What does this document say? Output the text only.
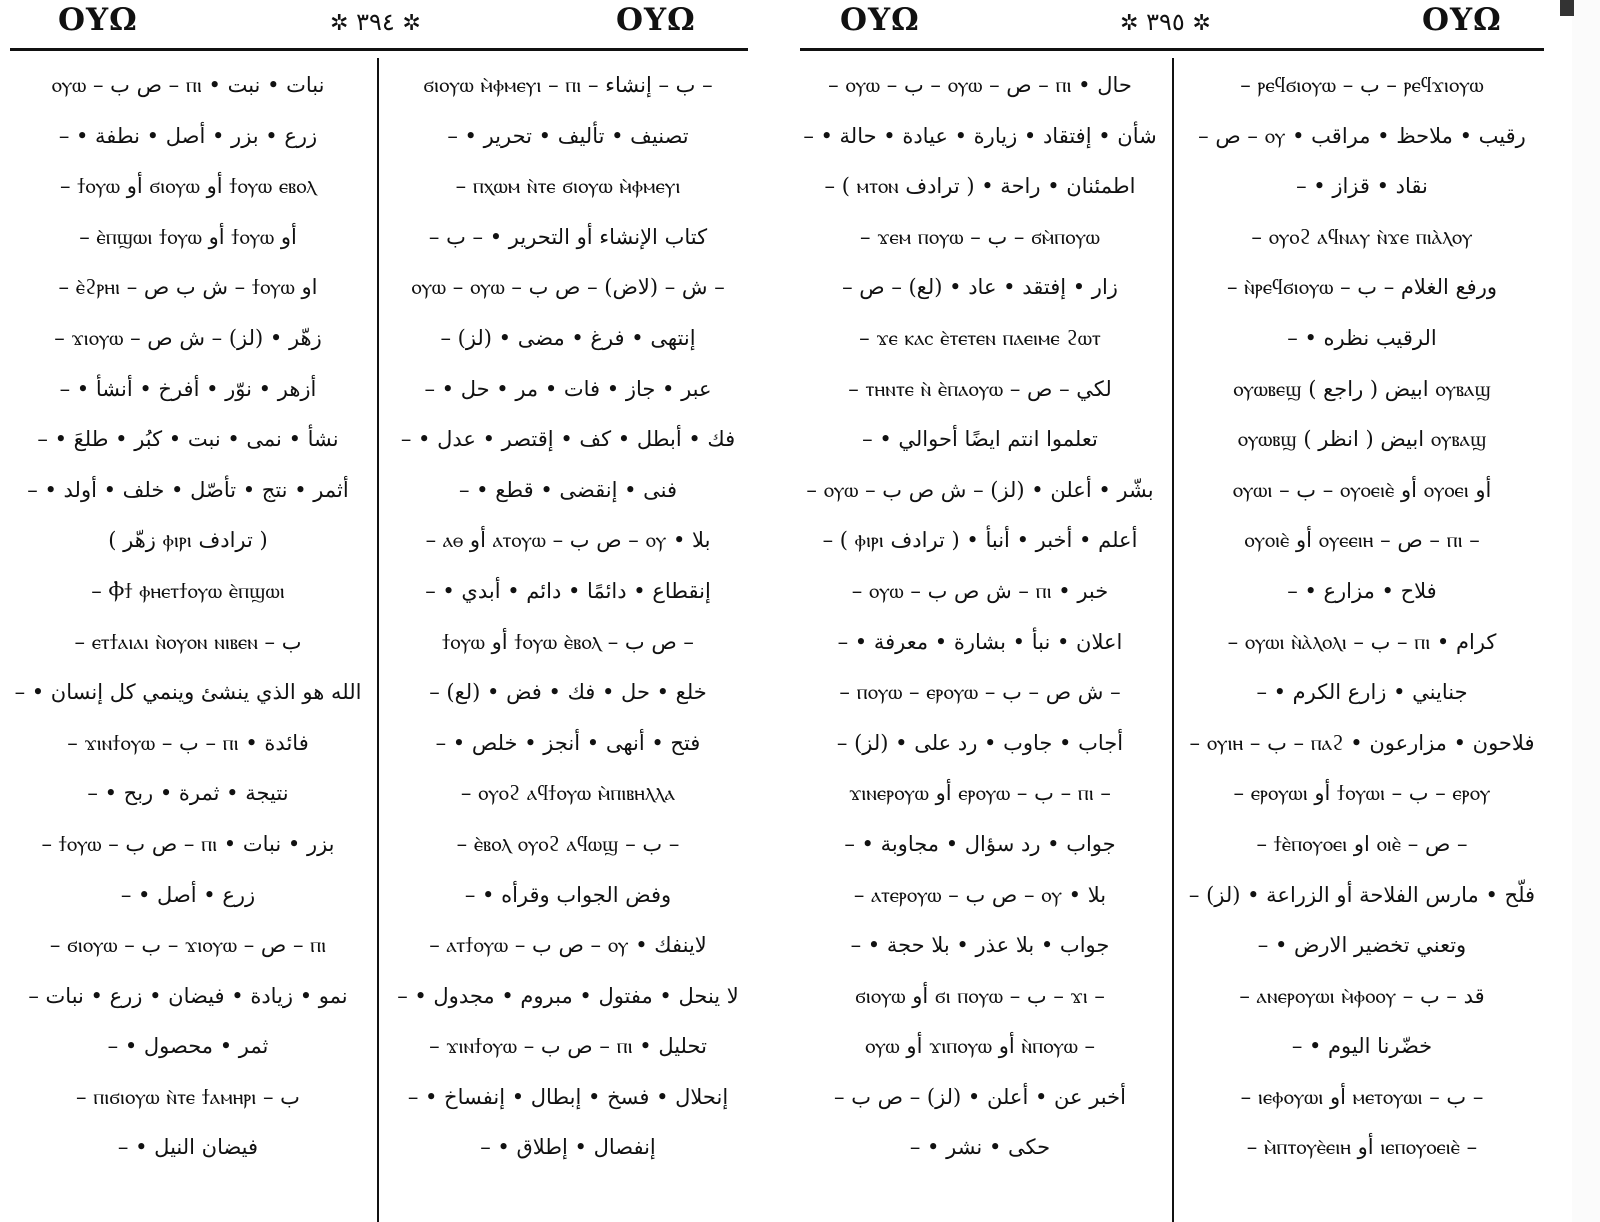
ΟΥΩ	✲ ٣٩٤ ✲	ΟΥΩ
نبات • نبت • ⲡⲓ – ص ب – ⲟⲩⲱ
زرع • بزر • أصل • نطفة • –
– ϯⲟⲩⲱ أو ϭⲓⲟⲩⲱ أو ϯⲟⲩⲱ ⲉⲃⲟⲗ
أو ϯⲟⲩⲱ أو ⲉ̀ⲡϣⲱⲓ ϯⲟⲩⲱ –
او ϯⲟⲩⲱ – ش ب ص – ⲉ̀ϩⲣⲏⲓ –
زهّر • (لز) – ش ص – ϫⲓⲟⲩⲱ –
أزهر • نوّر • أفرخ • أنشأ • –
نشأ • نمى • نبت • كبُر • طلعَ • –
أثمر • نتج • تأصّل • خلف • أولد • –
( ترادف ⲫⲓⲣⲓ زهّر )
– Ⲫϯ ⲫⲏⲉⲧϯⲟⲩⲱ ⲉ̀ⲡϣⲱⲓ
– ⲉⲧϯⲁⲓⲁⲓ ⲛ̀ⲟⲩⲟⲛ ⲛⲓⲃⲉⲛ – ب
الله هو الذي ينشئ وينمي كل إنسان • –
فائدة • ⲡⲓ – ب – ϫⲓⲛϯⲟⲩⲱ –
نتيجة • ثمرة • ربح • –
بزر • نبات • ⲡⲓ – ص ب – ϯⲟⲩⲱ –
زرع • أصل • –
– ϭⲓⲟⲩⲱ – ب – ϫⲓⲟⲩⲱ – ص – ⲡⲓ
نمو • زيادة • فيضان • زرع • نبات –
ثمر • محصول • –
– ⲡⲓϭⲓⲟⲩⲱ ⲛ̀ⲧⲉ ϯⲁⲙⲏⲣⲓ – ب
فيضان النيل • –
ϭⲓⲟⲩⲱ ⲙ̀ⲫⲙⲉⲩⲓ – ⲡⲓ – ب – إنشاء –
تصنيف • تأليف • تحرير • –
– ⲡⲭⲱⲙ ⲛ̀ⲧⲉ ϭⲓⲟⲩⲱ ⲙ̀ⲫⲙⲉⲩⲓ
كتاب الإنشاء أو التحرير • – ب –
ⲟⲩⲱ – ⲟⲩⲱ – ش – (لاض) – ص ب –
إنتهى • فرغ • مضى • (لز) –
عبر • جاز • فات • مر • حل • –
فك • أبطل • كف • إقتصر • عدل • –
فنى • إنقضى • قطع • –
بلا • ⲟⲩ – ص ب – ⲁⲧⲟⲩⲱ أو ⲁⲑ –
إنقطاع • دائمًا • دائم • أبدي • –
ϯⲟⲩⲱ أو ϯⲟⲩⲱ ⲉ̀ⲃⲟⲗ – ص ب –
خلع • حل • فك • فض • (لع) –
فتح • أنهى • أنجز • خلص • –
– ⲟⲩⲟϩ ⲁϥϯⲟⲩⲱ ⲙ̀ⲡⲓⲃⲏⲗⲗⲁ
– ⲉ̀ⲃⲟⲗ ⲟⲩⲟϩ ⲁϥⲱϣ – ب –
وفض الجواب وقرأه • –
لاينفك • ⲟⲩ – ص ب – ⲁⲧϯⲟⲩⲱ –
لا ينحل • مفتول • مبروم • مجدول • –
تحليل • ⲡⲓ – ص ب – ϫⲓⲛϯⲟⲩⲱ –
إنحلال • فسخ • إبطال • إنفساخ • –
إنفصال • إطلاق • –
ΟΥΩ	✲ ٣٩٥ ✲	ΟΥΩ
حال • ⲡⲓ – ص – ⲟⲩⲱ – ب – ⲟⲩⲱ –
شأن • إفتقاد • زيارة • عيادة • حالة • –
اطمئنان • راحة • ( ترادف ⲙⲧⲟⲛ ) –
– ϫⲉⲙ ⲡⲟⲩⲱ – ب – ϭⲙ̀ⲡⲟⲩⲱ
زار • إفتقد • عاد • (لع) – ص –
– ϫⲉ ⲕⲁⲥ ⲉ̀ⲧⲉⲧⲉⲛ ⲡⲁⲉⲓⲙⲉ ϩⲱⲧ
لكي – ص – ⲧⲏⲛⲧⲉ ⲛ̀ ⲉ̀ⲡⲁⲟⲩⲱ –
تعلموا انتم ايضًا أحوالي • –
بشّر • أعلن • (لز) – ش ص ب – ⲟⲩⲱ –
أعلم • أخبر • أنبأ • ( ترادف ⲫⲓⲣⲓ ) –
خبر • ⲡⲓ – ش ص ب – ⲟⲩⲱ –
اعلان • نبأ • بشارة • معرفة • –
– ش ص – ب – ⲡⲟⲩⲱ – ⲉⲣⲟⲩⲱ –
أجاب • جاوب • رد على • (لز) –
ϫⲓⲛⲉⲣⲟⲩⲱ أو ⲉⲣⲟⲩⲱ – ب – ⲡⲓ –
جواب • رد سؤال • مجاوبة • –
بلا • ⲟⲩ – ص ب – ⲁⲧⲉⲣⲟⲩⲱ –
جواب • بلا عذر • بلا حجة • –
ϭⲓⲟⲩⲱ أو ϭⲓ ⲡⲟⲩⲱ – ب – ϫⲓ –
ⲟⲩⲱ أو ϫⲓⲡⲟⲩⲱ أو ⲛ̀ⲡⲟⲩⲱ –
أخبر عن • أعلن • (لز) – ص ب –
حكى • نشر • –
– ⲣⲉϥϭⲓⲟⲩⲱ – ب – ⲣⲉϥϫⲓⲟⲩⲱ
رقيب • ملاحظ • مراقب • ⲟⲩ – ص –
نقاد • قزاز • –
– ⲟⲩⲟϩ ⲁϥⲛⲁⲩ ⲛ̀ϫⲉ ⲡⲓⲁ̀ⲗⲟⲩ
ورفع الغلام – ب – ⲛ̀ⲣⲉϥϭⲓⲟⲩⲱ –
الرقيب نظره • –
ⲟⲩⲱⲃⲉϣ ( راجع ) ابيض ⲟⲩⲃⲁϣ
ⲟⲩⲱⲃϣ ( انظر ) ابيض ⲟⲩⲃⲁϣ
أو ⲟⲩⲟⲉⲓ أو ⲟⲩⲟⲉⲓⲉ̀ – ب – ⲟⲩⲱⲓ
ⲟⲩⲟⲓⲉ̀ أو ⲟⲩⲉⲉⲓⲏ – ص – ⲡⲓ –
فلاح • مزارع • –
كرام • ⲡⲓ – ب – ⲟⲩⲱⲓ ⲛ̀ⲁ̀ⲗⲟⲗⲓ –
جنايني • زارع الكرم • –
فلاحون • مزارعون • ⲡⲁϩ – ب – ⲟⲩⲓⲏ –
– ⲉⲣⲟⲩⲱⲓ أو ϯⲟⲩⲱⲓ – ب – ⲉⲣⲟⲩ
– ص – ⲟⲓⲉ̀ او ϯⲉ̀ⲡⲟⲩⲟⲉⲓ –
فلّح • مارس الفلاحة أو الزراعة • (لز) –
وتعني تخضير الارض • –
قد – ب – ⲁⲛⲉⲣⲟⲩⲱⲓ ⲙ̀ⲫⲟⲟⲩ –
خضّرنا اليوم • –
– ب – ⲙⲉⲧⲟⲩⲱⲓ أو ⲓⲉⲫⲟⲩⲱⲓ –
– ⲙ̀ⲡⲧⲟⲩⲉ̀ⲉⲓⲏ أو ⲓⲉⲡⲟⲩⲟⲉⲓⲉ̀ –
